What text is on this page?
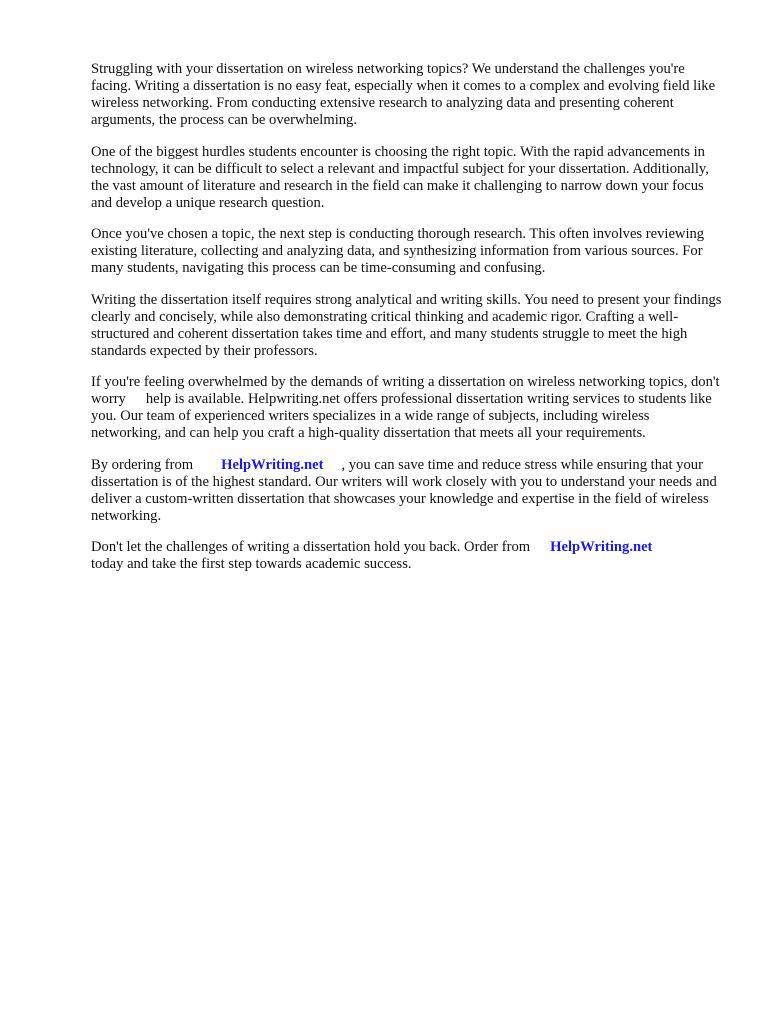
Struggling with your dissertation on wireless networking topics? We understand the challenges you're facing. Writing a dissertation is no easy feat, especially when it comes to a complex and evolving field like wireless networking. From conducting extensive research to analyzing data and presenting coherent arguments, the process can be overwhelming.

One of the biggest hurdles students encounter is choosing the right topic. With the rapid advancements in technology, it can be difficult to select a relevant and impactful subject for your dissertation. Additionally, the vast amount of literature and research in the field can make it challenging to narrow down your focus and develop a unique research question.

Once you've chosen a topic, the next step is conducting thorough research. This often involves reviewing existing literature, collecting and analyzing data, and synthesizing information from various sources. For many students, navigating this process can be time-consuming and confusing.

Writing the dissertation itself requires strong analytical and writing skills. You need to present your findings clearly and concisely, while also demonstrating critical thinking and academic rigor. Crafting a well-structured and coherent dissertation takes time and effort, and many students struggle to meet the high standards expected by their professors.

If you're feeling overwhelmed by the demands of writing a dissertation on wireless networking topics, don't worry help is available. Helpwriting.net offers professional dissertation writing services to students like you. Our team of experienced writers specializes in a wide range of subjects, including wireless networking, and can help you craft a high-quality dissertation that meets all your requirements.

By ordering from HelpWriting.net , you can save time and reduce stress while ensuring that your dissertation is of the highest standard. Our writers will work closely with you to understand your needs and deliver a custom-written dissertation that showcases your knowledge and expertise in the field of wireless networking.

Don't let the challenges of writing a dissertation hold you back. Order from HelpWriting.net
today and take the first step towards academic success.
